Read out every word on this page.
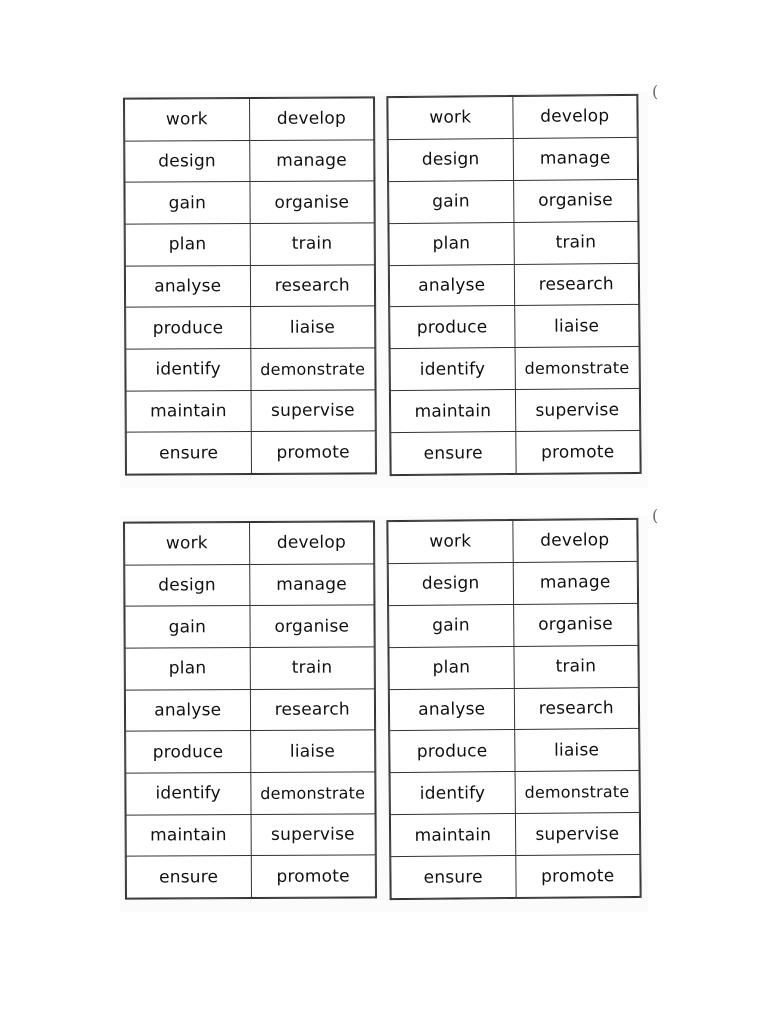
(
(
work	develop
design	manage
gain	organise
plan	train
analyse	research
produce	liaise
identify	demonstrate
maintain	supervise
ensure	promote
work	develop
design	manage
gain	organise
plan	train
analyse	research
produce	liaise
identify	demonstrate
maintain	supervise
ensure	promote
work	develop
design	manage
gain	organise
plan	train
analyse	research
produce	liaise
identify	demonstrate
maintain	supervise
ensure	promote
work	develop
design	manage
gain	organise
plan	train
analyse	research
produce	liaise
identify	demonstrate
maintain	supervise
ensure	promote
